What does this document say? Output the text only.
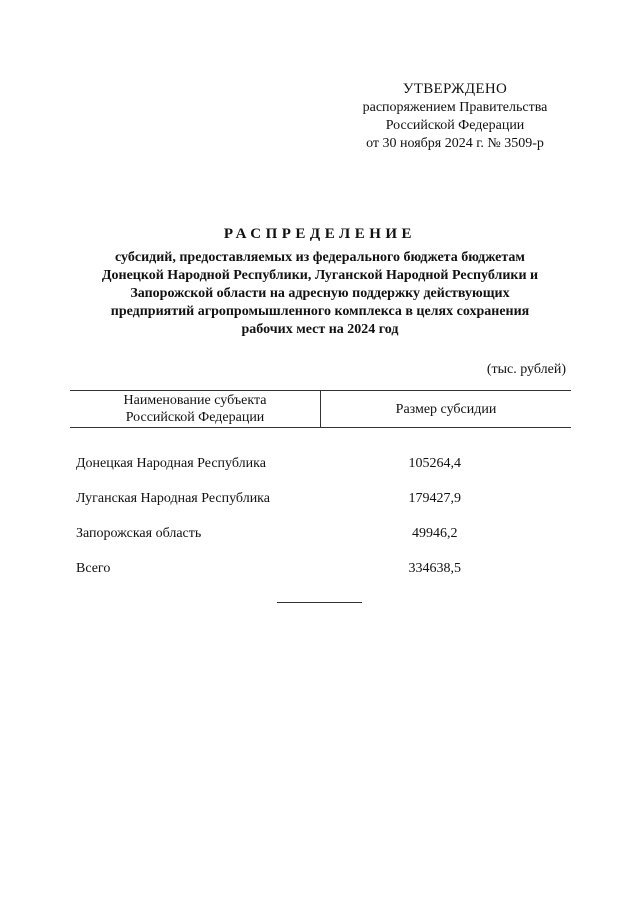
УТВЕРЖДЕНО
распоряжением Правительства
Российской Федерации
от 30 ноября 2024 г. № 3509-р
РАСПРЕДЕЛЕНИЕ
субсидий, предоставляемых из федерального бюджета бюджетам
Донецкой Народной Республики, Луганской Народной Республики и
Запорожской области на адресную поддержку действующих
предприятий агропромышленного комплекса в целях сохранения
рабочих мест на 2024 год
(тыс. рублей)
Наименование субъекта
Российской Федерации	Размер субсидии
Донецкая Народная Республика	105264,4
Луганская Народная Республика	179427,9
Запорожская область	49946,2
Всего	334638,5
